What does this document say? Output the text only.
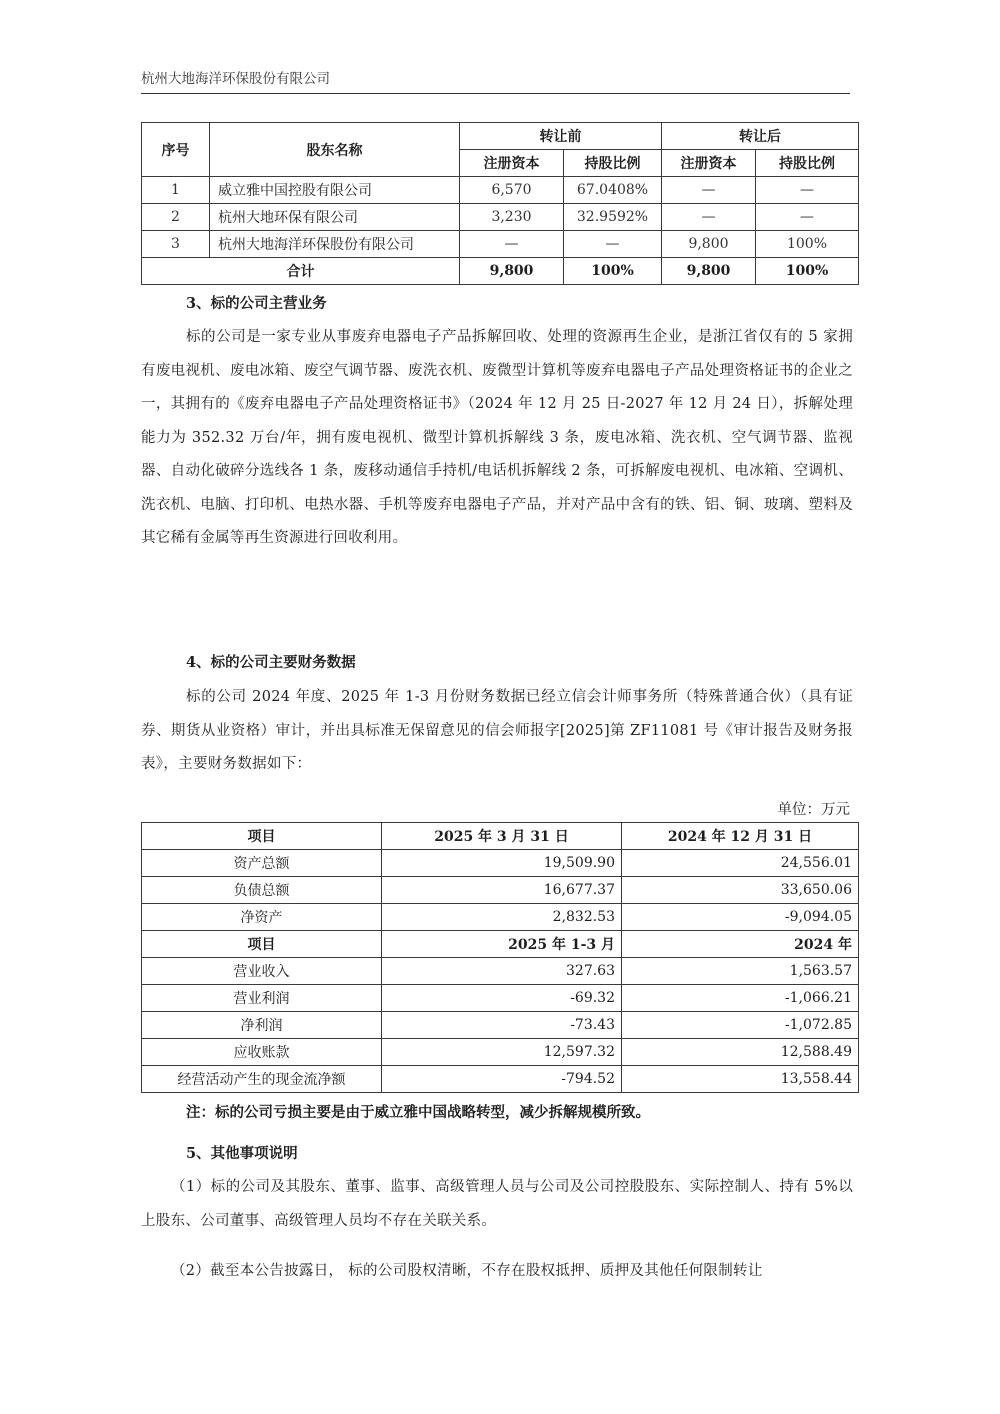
杭州大地海洋环保股份有限公司
序号	股东名称	转让前		转让后	
		注册资本	持股比例	注册资本	持股比例
1	威立雅中国控股有限公司	6,570	67.0408%	—	—
2	杭州大地环保有限公司	3,230	32.9592%	—	—
3	杭州大地海洋环保股份有限公司	—	—	9,800	100%
合计		9,800	100%	9,800	100%
3、标的公司主营业务
标的公司是一家专业从事废弃电器电子产品拆解回收、处理的资源再生企业，是浙江省仅有的 5 家拥有废电视机、废电冰箱、废空气调节器、废洗衣机、废微型计算机等废弃电器电子产品处理资格证书的企业之一，其拥有的《废弃电器电子产品处理资格证书》（2024 年 12 月 25 日-2027 年 12 月 24 日），拆解处理能力为 352.32 万台/年，拥有废电视机、微型计算机拆解线 3 条，废电冰箱、洗衣机、空气调节器、监视器、自动化破碎分选线各 1 条，废移动通信手持机/电话机拆解线 2 条，可拆解废电视机、电冰箱、空调机、洗衣机、电脑、打印机、电热水器、手机等废弃电器电子产品，并对产品中含有的铁、铝、铜、玻璃、塑料及其它稀有金属等再生资源进行回收利用。
4、标的公司主要财务数据
标的公司 2024 年度、2025 年 1-3 月份财务数据已经立信会计师事务所（特殊普通合伙）（具有证券、期货从业资格）审计，并出具标准无保留意见的信会师报字[2025]第 ZF11081 号《审计报告及财务报表》，主要财务数据如下：
单位：万元
项目	2025 年 3 月 31 日	2024 年 12 月 31 日
资产总额	19,509.90	24,556.01
负债总额	16,677.37	33,650.06
净资产	2,832.53	-9,094.05
项目	2025 年 1-3 月	2024 年
营业收入	327.63	1,563.57
营业利润	-69.32	-1,066.21
净利润	-73.43	-1,072.85
应收账款	12,597.32	12,588.49
经营活动产生的现金流净额	-794.52	13,558.44
注：标的公司亏损主要是由于威立雅中国战略转型，减少拆解规模所致。
5、其他事项说明
（1）标的公司及其股东、董事、监事、高级管理人员与公司及公司控股股东、实际控制人、持有 5%以上股东、公司董事、高级管理人员均不存在关联关系。
（2）截至本公告披露日， 标的公司股权清晰，不存在股权抵押、质押及其他任何限制转让
